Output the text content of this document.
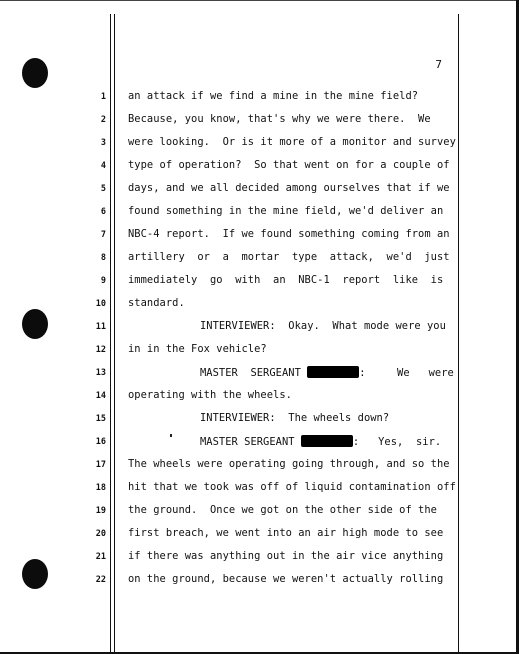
7
1 an attack if we find a mine in the mine field?
2 Because, you know, that's why we were there.  We
3 were looking.  Or is it more of a monitor and survey
4 type of operation?  So that went on for a couple of
5 days, and we all decided among ourselves that if we
6 found something in the mine field, we'd deliver an
7 NBC-4 report.  If we found something coming from an
8 artillery  or  a  mortar  type  attack,  we'd  just
9 immediately  go  with  an  NBC-1  report  like  is
10 standard.
11	INTERVIEWER:  Okay.  What mode were you
12 in in the Fox vehicle?
13	MASTER  SERGEANT	:     We   were
14 operating with the wheels.
15	INTERVIEWER:  The wheels down?
16	MASTER SERGEANT	:   Yes,  sir.
17 The wheels were operating going through, and so the
18 hit that we took was off of liquid contamination off
19 the ground.  Once we got on the other side of the
20 first breach, we went into an air high mode to see
21 if there was anything out in the air vice anything
22 on the ground, because we weren't actually rolling
